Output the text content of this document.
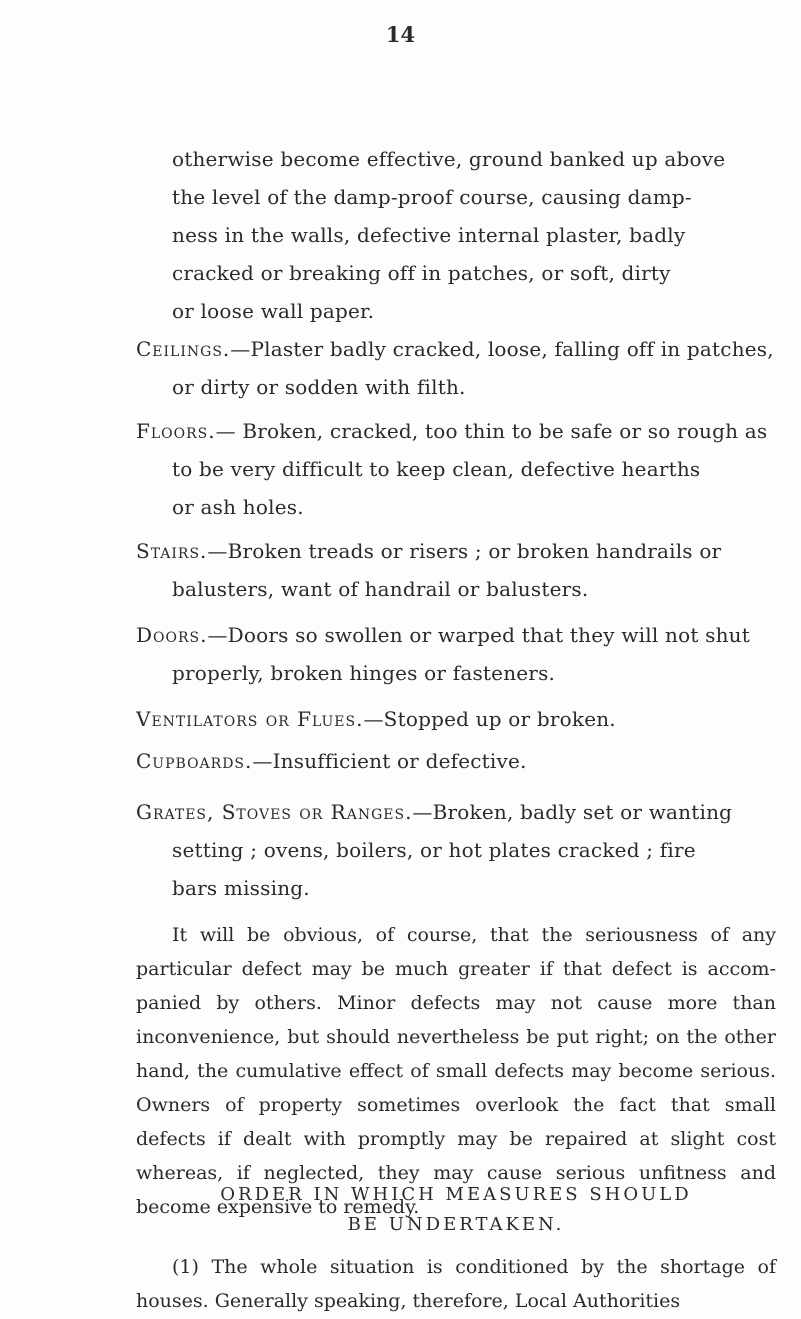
14
otherwise become effective, ground banked up above
the level of the damp-proof course, causing damp-
ness in the walls, defective internal plaster, badly
cracked or breaking off in patches, or soft, dirty
or loose wall paper.
Ceilings.—Plaster badly cracked, loose, falling off in patches,
or dirty or sodden with filth.
Floors.— Broken, cracked, too thin to be safe or so rough as
to be very difficult to keep clean, defective hearths
or ash holes.
Stairs.—Broken treads or risers ; or broken handrails or
balusters, want of handrail or balusters.
Doors.—Doors so swollen or warped that they will not shut
properly, broken hinges or fasteners.
Ventilators or Flues.—Stopped up or broken.
Cupboards.—Insufficient or defective.
Grates, Stoves or Ranges.—Broken, badly set or wanting
setting ; ovens, boilers, or hot plates cracked ; fire
bars missing.
It will be obvious, of course, that the seriousness of any particular defect may be much greater if that defect is accom-panied by others. Minor defects may not cause more than inconvenience, but should nevertheless be put right; on the other hand, the cumulative effect of small defects may become serious. Owners of property sometimes overlook the fact that small defects if dealt with promptly may be repaired at slight cost whereas, if neglected, they may cause serious unfitness and become expensive to remedy.
ORDER IN WHICH MEASURES SHOULD
BE UNDERTAKEN.
(1) The whole situation is conditioned by the shortage of houses. Generally speaking, therefore, Local Authorities
